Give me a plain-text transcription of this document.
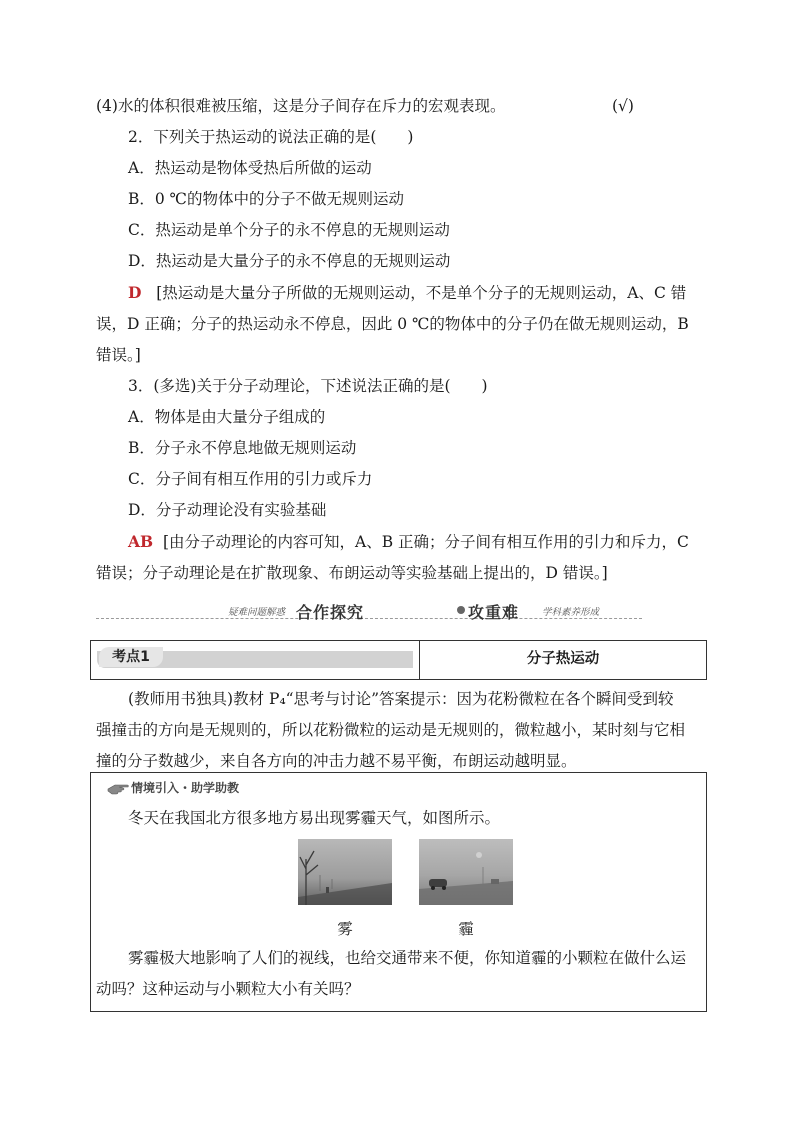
(4)水的体积很难被压缩，这是分子间存在斥力的宏观表现。	(√)
2．下列关于热运动的说法正确的是(　　)
A．热运动是物体受热后所做的运动
B．0 ℃的物体中的分子不做无规则运动
C．热运动是单个分子的永不停息的无规则运动
D．热运动是大量分子的永不停息的无规则运动
D [热运动是大量分子所做的无规则运动，不是单个分子的无规则运动，A、C 错
误，D 正确；分子的热运动永不停息，因此 0 ℃的物体中的分子仍在做无规则运动，B
错误。]
3．(多选)关于分子动理论，下述说法正确的是(　　)
A．物体是由大量分子组成的
B．分子永不停息地做无规则运动
C．分子间有相互作用的引力或斥力
D．分子动理论没有实验基础
AB [由分子动理论的内容可知，A、B 正确；分子间有相互作用的引力和斥力，C
错误；分子动理论是在扩散现象、布朗运动等实验基础上提出的，D 错误。]
疑难问题解惑 合作探究	攻重难 学科素养形成
考点1	分子热运动
(教师用书独具)教材 P₄“思考与讨论”答案提示：因为花粉微粒在各个瞬间受到较
强撞击的方向是无规则的，所以花粉微粒的运动是无规则的，微粒越小，某时刻与它相
撞的分子数越少，来自各方向的冲击力越不易平衡，布朗运动越明显。
情境引入・助学助教
冬天在我国北方很多地方易出现雾霾天气，如图所示。
雾	霾
雾霾极大地影响了人们的视线，也给交通带来不便，你知道霾的小颗粒在做什么运
动吗？这种运动与小颗粒大小有关吗？
